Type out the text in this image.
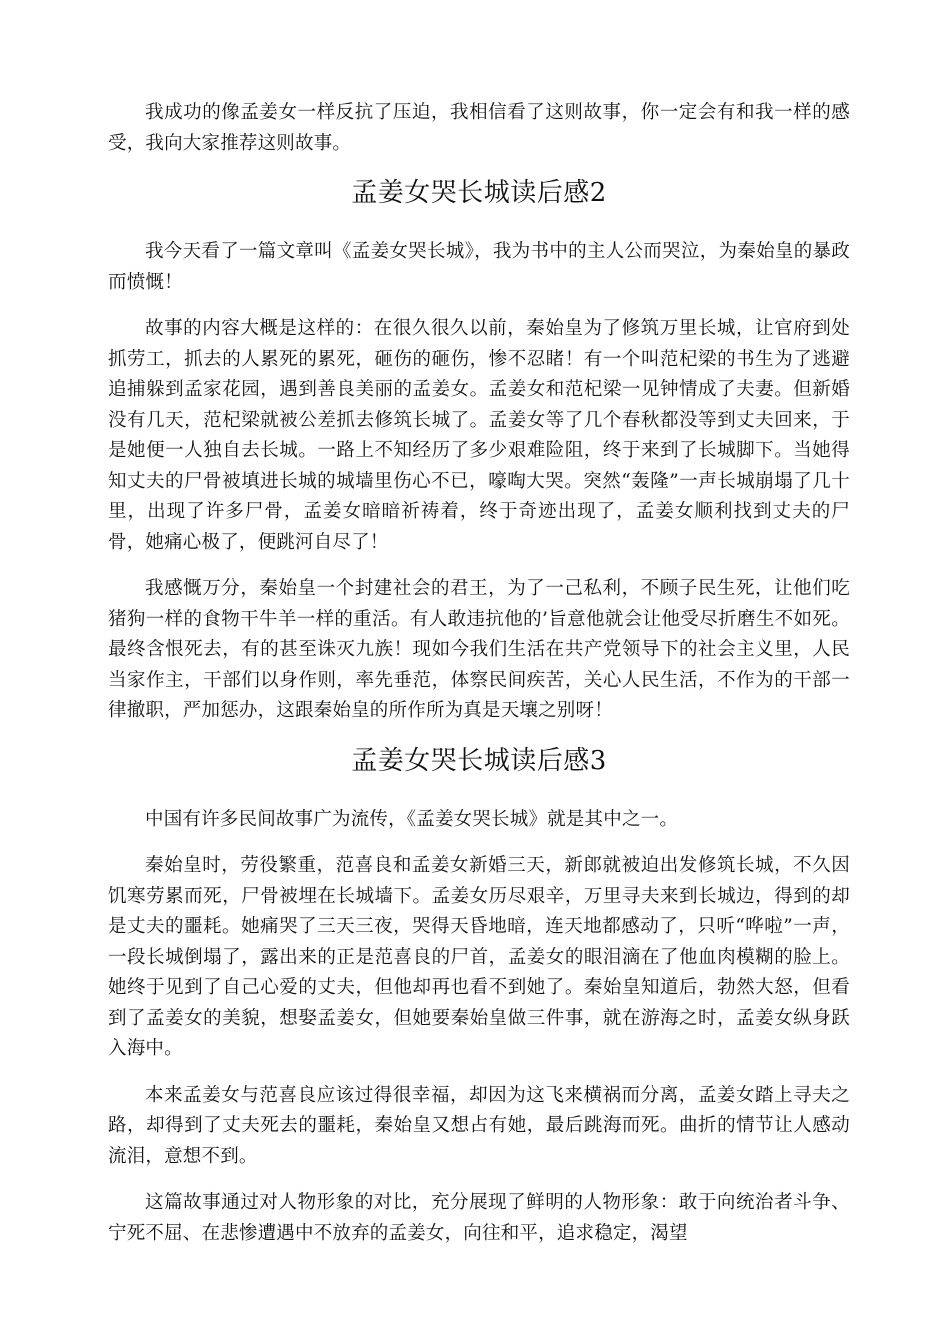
我成功的像孟姜女一样反抗了压迫，我相信看了这则故事，你一定会有和我一样的感受，我向大家推荐这则故事。

孟姜女哭长城读后感2

我今天看了一篇文章叫《孟姜女哭长城》，我为书中的主人公而哭泣，为秦始皇的暴政而愤慨！

故事的内容大概是这样的：在很久很久以前，秦始皇为了修筑万里长城，让官府到处抓劳工，抓去的人累死的累死，砸伤的砸伤，惨不忍睹！有一个叫范杞梁的书生为了逃避追捕躲到孟家花园，遇到善良美丽的孟姜女。孟姜女和范杞梁一见钟情成了夫妻。但新婚没有几天，范杞梁就被公差抓去修筑长城了。孟姜女等了几个春秋都没等到丈夫回来，于是她便一人独自去长城。一路上不知经历了多少艰难险阻，终于来到了长城脚下。当她得知丈夫的尸骨被填进长城的城墙里伤心不已，嚎啕大哭。突然“轰隆”一声长城崩塌了几十里，出现了许多尸骨，孟姜女暗暗祈祷着，终于奇迹出现了，孟姜女顺利找到丈夫的尸骨，她痛心极了，便跳河自尽了！

我感慨万分，秦始皇一个封建社会的君王，为了一己私利，不顾子民生死，让他们吃猪狗一样的食物干牛羊一样的重活。有人敢违抗他的’旨意他就会让他受尽折磨生不如死。最终含恨死去，有的甚至诛灭九族！现如今我们生活在共产党领导下的社会主义里，人民当家作主，干部们以身作则，率先垂范，体察民间疾苦，关心人民生活，不作为的干部一律撤职，严加惩办，这跟秦始皇的所作所为真是天壤之别呀！

孟姜女哭长城读后感3

中国有许多民间故事广为流传，《孟姜女哭长城》就是其中之一。

秦始皇时，劳役繁重，范喜良和孟姜女新婚三天，新郎就被迫出发修筑长城，不久因饥寒劳累而死，尸骨被埋在长城墙下。孟姜女历尽艰辛，万里寻夫来到长城边，得到的却是丈夫的噩耗。她痛哭了三天三夜，哭得天昏地暗，连天地都感动了，只听“哗啦”一声，一段长城倒塌了，露出来的正是范喜良的尸首，孟姜女的眼泪滴在了他血肉模糊的脸上。她终于见到了自己心爱的丈夫，但他却再也看不到她了。秦始皇知道后，勃然大怒，但看到了孟姜女的美貌，想娶孟姜女，但她要秦始皇做三件事，就在游海之时，孟姜女纵身跃入海中。

本来孟姜女与范喜良应该过得很幸福，却因为这飞来横祸而分离，孟姜女踏上寻夫之路，却得到了丈夫死去的噩耗，秦始皇又想占有她，最后跳海而死。曲折的情节让人感动流泪，意想不到。

这篇故事通过对人物形象的对比，充分展现了鲜明的人物形象：敢于向统治者斗争、宁死不屈、在悲惨遭遇中不放弃的孟姜女，向往和平，追求稳定，渴望
